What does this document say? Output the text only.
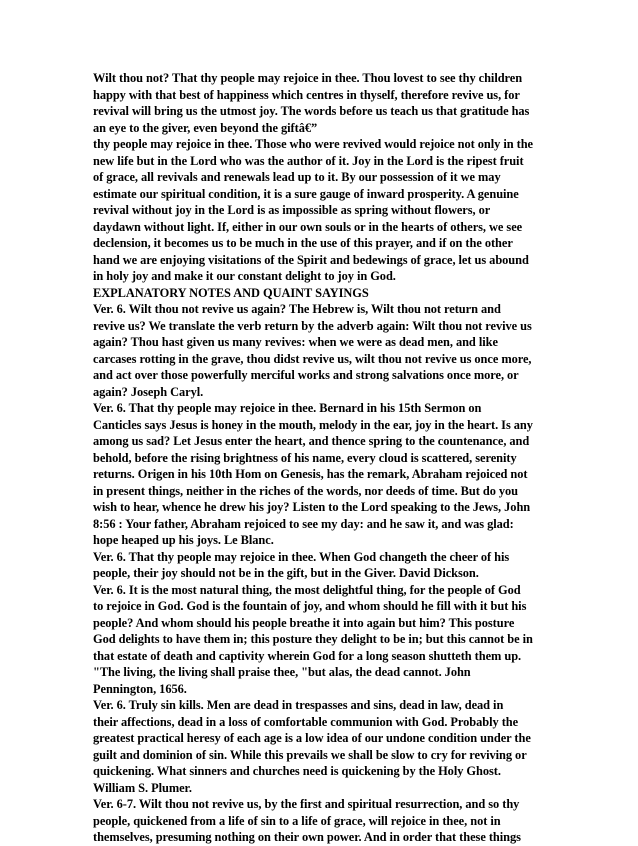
Wilt thou not? That thy people may rejoice in thee. Thou lovest to see thy children
happy with that best of happiness which centres in thyself, therefore revive us, for
revival will bring us the utmost joy. The words before us teach us that gratitude has
an eye to the giver, even beyond the giftâ€”
thy people may rejoice in thee. Those who were revived would rejoice not only in the
new life but in the Lord who was the author of it. Joy in the Lord is the ripest fruit
of grace, all revivals and renewals lead up to it. By our possession of it we may
estimate our spiritual condition, it is a sure gauge of inward prosperity. A genuine
revival without joy in the Lord is as impossible as spring without flowers, or
daydawn without light. If, either in our own souls or in the hearts of others, we see
declension, it becomes us to be much in the use of this prayer, and if on the other
hand we are enjoying visitations of the Spirit and bedewings of grace, let us abound
in holy joy and make it our constant delight to joy in God.
EXPLANATORY NOTES AND QUAINT SAYINGS
Ver. 6. Wilt thou not revive us again? The Hebrew is, Wilt thou not return and
revive us? We translate the verb return by the adverb again: Wilt thou not revive us
again? Thou hast given us many revives: when we were as dead men, and like
carcases rotting in the grave, thou didst revive us, wilt thou not revive us once more,
and act over those powerfully merciful works and strong salvations once more, or
again? Joseph Caryl.
Ver. 6. That thy people may rejoice in thee. Bernard in his 15th Sermon on
Canticles says Jesus is honey in the mouth, melody in the ear, joy in the heart. Is any
among us sad? Let Jesus enter the heart, and thence spring to the countenance, and
behold, before the rising brightness of his name, every cloud is scattered, serenity
returns. Origen in his 10th Hom on Genesis, has the remark, Abraham rejoiced not
in present things, neither in the riches of the words, nor deeds of time. But do you
wish to hear, whence he drew his joy? Listen to the Lord speaking to the Jews, John
8:56 : Your father, Abraham rejoiced to see my day: and he saw it, and was glad:
hope heaped up his joys. Le Blanc.
Ver. 6. That thy people may rejoice in thee. When God changeth the cheer of his
people, their joy should not be in the gift, but in the Giver. David Dickson.
Ver. 6. It is the most natural thing, the most delightful thing, for the people of God
to rejoice in God. God is the fountain of joy, and whom should he fill with it but his
people? And whom should his people breathe it into again but him? This posture
God delights to have them in; this posture they delight to be in; but this cannot be in
that estate of death and captivity wherein God for a long season shutteth them up.
"The living, the living shall praise thee, "but alas, the dead cannot. John
Pennington, 1656.
Ver. 6. Truly sin kills. Men are dead in trespasses and sins, dead in law, dead in
their affections, dead in a loss of comfortable communion with God. Probably the
greatest practical heresy of each age is a low idea of our undone condition under the
guilt and dominion of sin. While this prevails we shall be slow to cry for reviving or
quickening. What sinners and churches need is quickening by the Holy Ghost.
William S. Plumer.
Ver. 6-7. Wilt thou not revive us, by the first and spiritual resurrection, and so thy
people, quickened from a life of sin to a life of grace, will rejoice in thee, not in
themselves, presuming nothing on their own power. And in order that these things
